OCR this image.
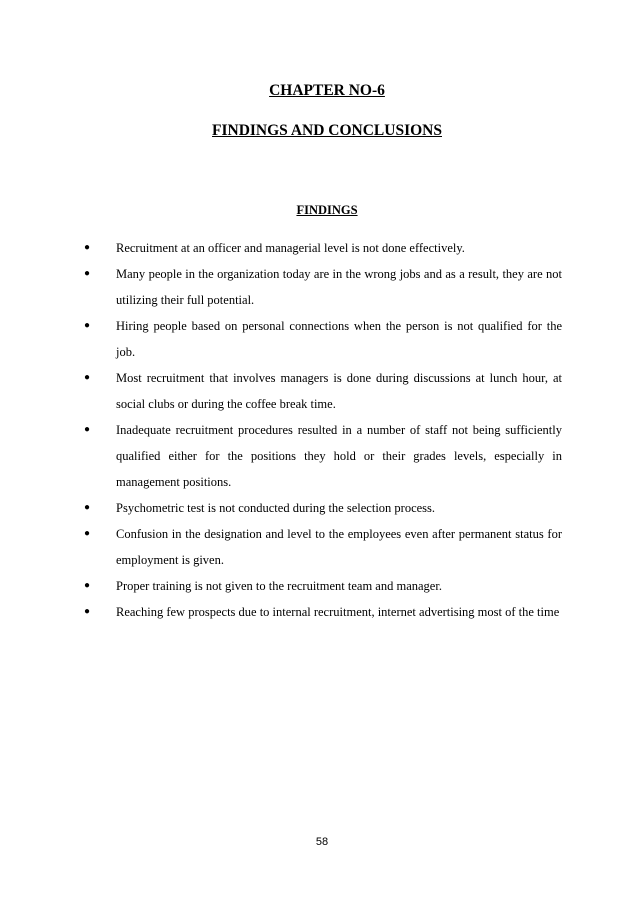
CHAPTER NO-6
FINDINGS AND CONCLUSIONS
FINDINGS
● Recruitment at an officer and managerial level is not done effectively.
● Many people in the organization today are in the wrong jobs and as a result, they are not utilizing their full potential.
● Hiring people based on personal connections when the person is not qualified for the job.
● Most recruitment that involves managers is done during discussions at lunch hour, at social clubs or during the coffee break time.
● Inadequate recruitment procedures resulted in a number of staff not being sufficiently qualified either for the positions they hold or their grades levels, especially in management positions.
● Psychometric test is not conducted during the selection process.
● Confusion in the designation and level to the employees even after permanent status for employment is given.
● Proper training is not given to the recruitment team and manager.
● Reaching few prospects due to internal recruitment, internet advertising most of the time
58
